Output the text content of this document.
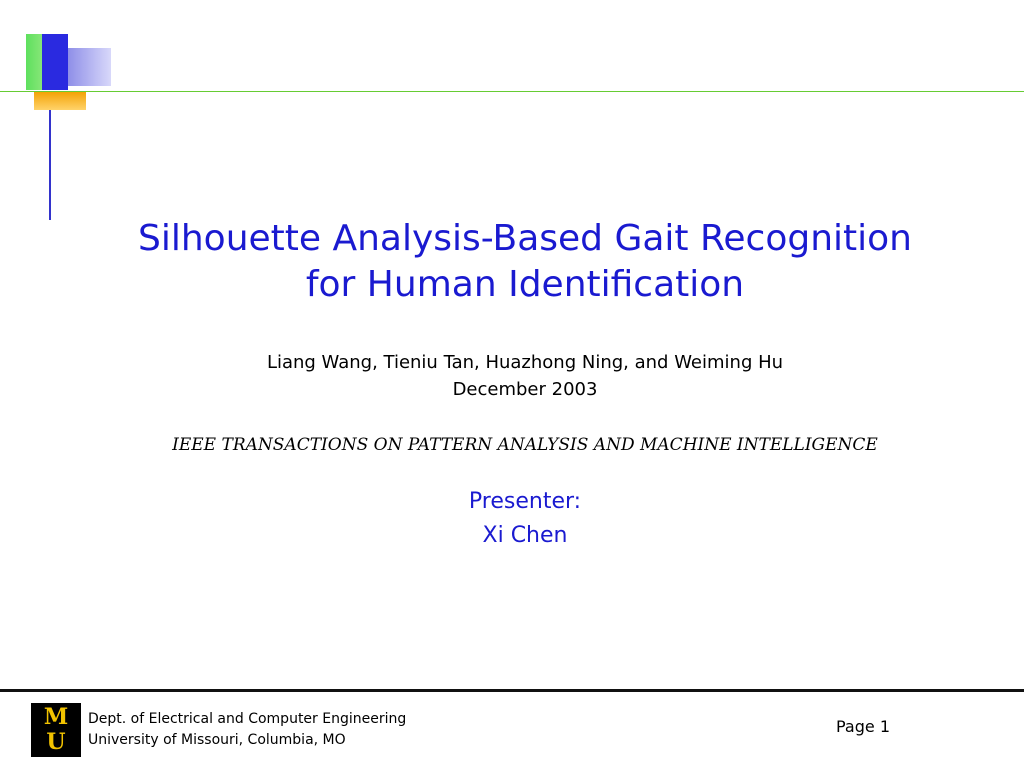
Silhouette Analysis-Based Gait Recognition
for Human Identification
Liang Wang, Tieniu Tan, Huazhong Ning, and Weiming Hu
December 2003
IEEE TRANSACTIONS ON PATTERN ANALYSIS AND MACHINE INTELLIGENCE
Presenter:
Xi Chen
M
U
Dept. of Electrical and Computer Engineering
University of Missouri, Columbia, MO
Page 1
